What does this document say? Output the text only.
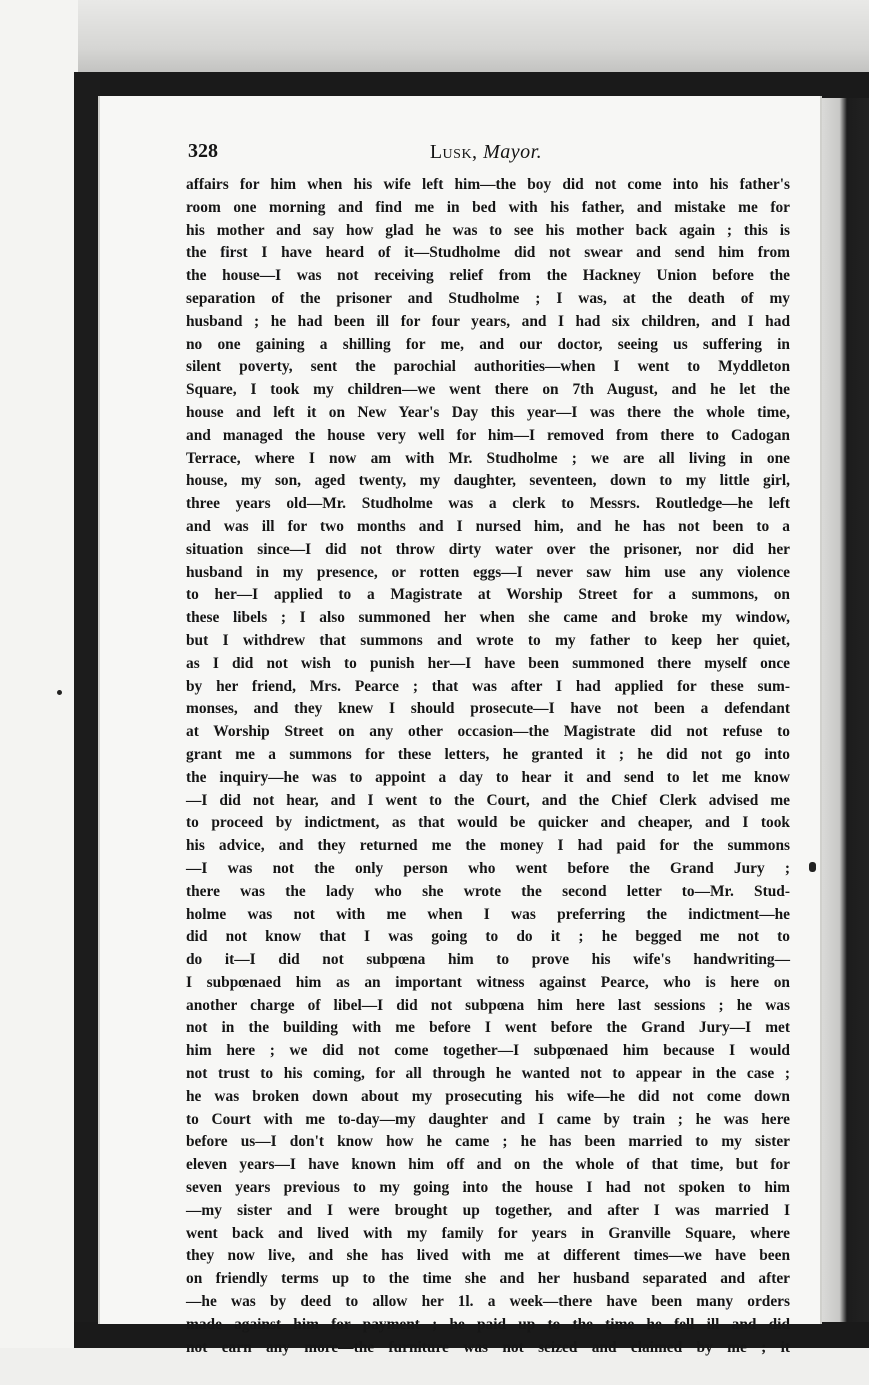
328	Lusk, Mayor.
affairs for him when his wife left him—the boy did not come into his father's
room one morning and find me in bed with his father, and mistake me for
his mother and say how glad he was to see his mother back again ; this is
the first I have heard of it—Studholme did not swear and send him from
the house—I was not receiving relief from the Hackney Union before the
separation of the prisoner and Studholme ; I was, at the death of my
husband ; he had been ill for four years, and I had six children, and I had
no one gaining a shilling for me, and our doctor, seeing us suffering in
silent poverty, sent the parochial authorities—when I went to Myddleton
Square, I took my children—we went there on 7th August, and he let the
house and left it on New Year's Day this year—I was there the whole time,
and managed the house very well for him—I removed from there to Cadogan
Terrace, where I now am with Mr. Studholme ; we are all living in one
house, my son, aged twenty, my daughter, seventeen, down to my little girl,
three years old—Mr. Studholme was a clerk to Messrs. Routledge—he left
and was ill for two months and I nursed him, and he has not been to a
situation since—I did not throw dirty water over the prisoner, nor did her
husband in my presence, or rotten eggs—I never saw him use any violence
to her—I applied to a Magistrate at Worship Street for a summons, on
these libels ; I also summoned her when she came and broke my window,
but I withdrew that summons and wrote to my father to keep her quiet,
as I did not wish to punish her—I have been summoned there myself once
by her friend, Mrs. Pearce ; that was after I had applied for these sum-
monses, and they knew I should prosecute—I have not been a defendant
at Worship Street on any other occasion—the Magistrate did not refuse to
grant me a summons for these letters, he granted it ; he did not go into
the inquiry—he was to appoint a day to hear it and send to let me know
—I did not hear, and I went to the Court, and the Chief Clerk advised me
to proceed by indictment, as that would be quicker and cheaper, and I took
his advice, and they returned me the money I had paid for the summons
—I was not the only person who went before the Grand Jury ;
there was the lady who she wrote the second letter to—Mr. Stud-
holme was not with me when I was preferring the indictment—he
did not know that I was going to do it ; he begged me not to
do it—I did not subpœna him to prove his wife's handwriting—
I subpœnaed him as an important witness against Pearce, who is here on
another charge of libel—I did not subpœna him here last sessions ; he was
not in the building with me before I went before the Grand Jury—I met
him here ; we did not come together—I subpœnaed him because I would
not trust to his coming, for all through he wanted not to appear in the case ;
he was broken down about my prosecuting his wife—he did not come down
to Court with me to-day—my daughter and I came by train ; he was here
before us—I don't know how he came ; he has been married to my sister
eleven years—I have known him off and on the whole of that time, but for
seven years previous to my going into the house I had not spoken to him
—my sister and I were brought up together, and after I was married I
went back and lived with my family for years in Granville Square, where
they now live, and she has lived with me at different times—we have been
on friendly terms up to the time she and her husband separated and after
—he was by deed to allow her 1l. a week—there have been many orders
made against him for payment ; he paid up to the time he fell ill and did
not earn any more—the furniture was not seized and claimed by me ; it
